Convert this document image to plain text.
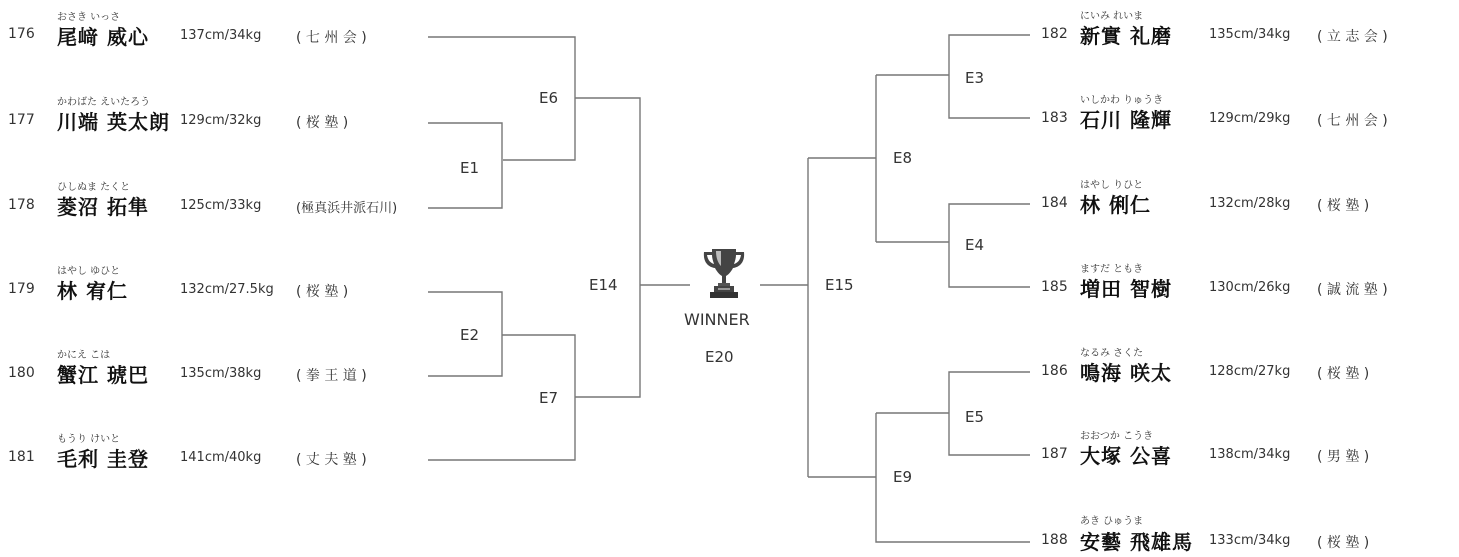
176
おさき いっさ
尾﨑 威心 137cm/34kg ( 七 州 会 )
177
かわばた えいたろう
川端 英太朗 129cm/32kg ( 桜 塾 )
178
ひしぬま たくと
菱沼 拓隼 125cm/33kg	(極真浜井派石川)
179
はやし ゆひと
林 宥仁	132cm/27.5kg ( 桜 塾 )
180
かにえ こは
蟹江 琥巴 135cm/38kg ( 拳 王 道 )
181
もうり けいと
毛利 圭登 141cm/40kg ( 丈 夫 塾 )
E6
E1
E14
E2
E7
WINNER
E20
E15
E8
E9
E3
E4
E5
182
にいみ れいま
新實 礼磨	135cm/34kg ( 立 志 会 )
183
いしかわ りゅうき
石川 隆輝	129cm/29kg ( 七 州 会 )
184
はやし りひと
林 俐仁	132cm/28kg ( 桜 塾 )
185
ますだ ともき
増田 智樹	130cm/26kg ( 誠 流 塾 )
186
なるみ さくた
鳴海 咲太	128cm/27kg ( 桜 塾 )
187
おおつか こうき
大塚 公喜	138cm/34kg ( 男 塾 )
188
あき ひゅうま
安藝 飛雄馬 133cm/34kg ( 桜 塾 )
